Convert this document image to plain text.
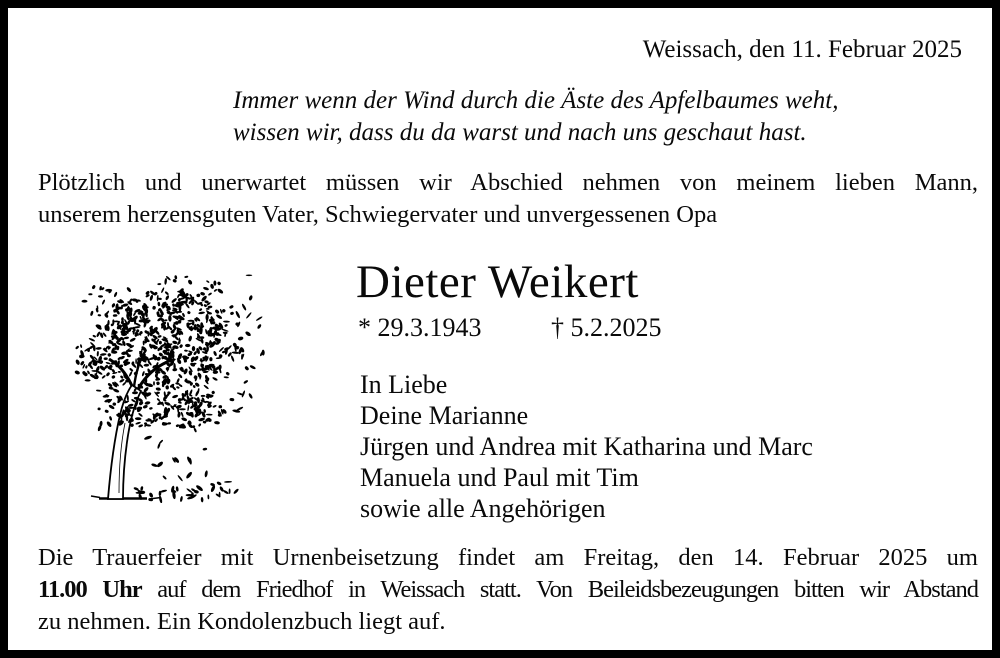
Weissach, den 11. Februar 2025
Immer wenn der Wind durch die Äste des Apfelbaumes weht,
wissen wir, dass du da warst und nach uns geschaut hast.
Plötzlich und unerwartet müssen wir Abschied nehmen von meinem lieben Mann,
unserem herzensguten Vater, Schwiegervater und unvergessenen Opa
Dieter Weikert
* 29.3.1943	† 5.2.2025
In Liebe
Deine Marianne
Jürgen und Andrea mit Katharina und Marc
Manuela und Paul mit Tim
sowie alle Angehörigen
Die Trauerfeier mit Urnenbeisetzung findet am Freitag, den 14. Februar 2025 um
11.00 Uhr auf dem Friedhof in Weissach statt. Von Beileidsbezeugungen bitten wir Abstand
zu nehmen. Ein Kondolenzbuch liegt auf.
